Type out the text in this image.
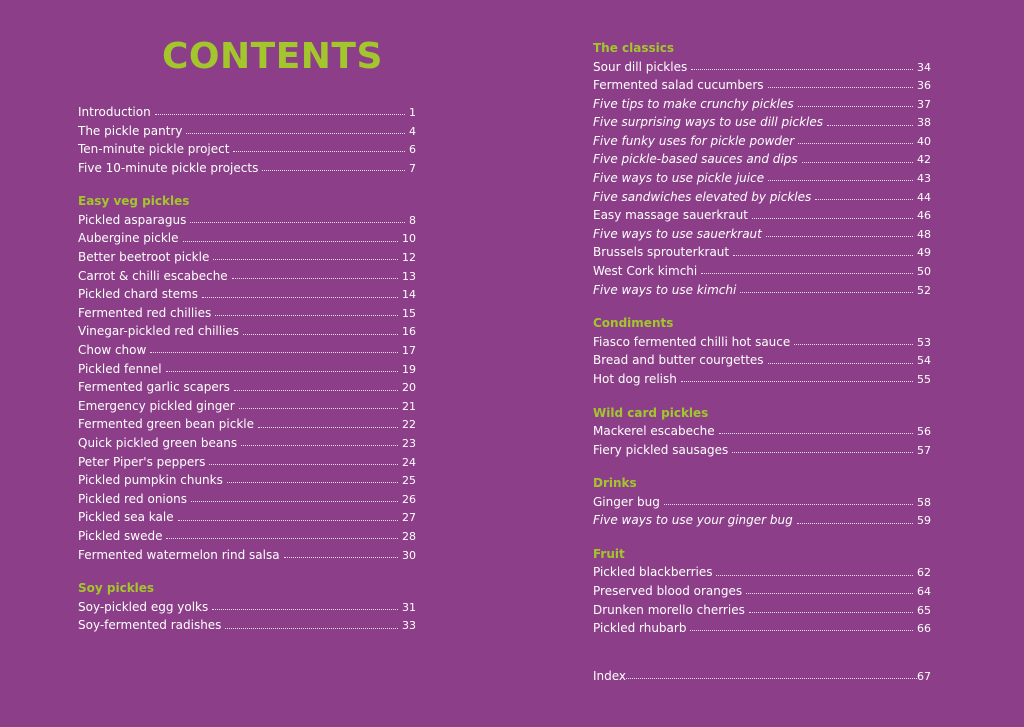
CONTENTS
Introduction	1
The pickle pantry	4
Ten-minute pickle project	6
Five 10-minute pickle projects	7
Easy veg pickles
Pickled asparagus	8
Aubergine pickle	10
Better beetroot pickle	12
Carrot & chilli escabeche	13
Pickled chard stems	14
Fermented red chillies	15
Vinegar-pickled red chillies	16
Chow chow	17
Pickled fennel	19
Fermented garlic scapers	20
Emergency pickled ginger	21
Fermented green bean pickle	22
Quick pickled green beans	23
Peter Piper's peppers	24
Pickled pumpkin chunks	25
Pickled red onions	26
Pickled sea kale	27
Pickled swede	28
Fermented watermelon rind salsa	30
Soy pickles
Soy-pickled egg yolks	31
Soy-fermented radishes	33
The classics
Sour dill pickles	34
Fermented salad cucumbers	36
Five tips to make crunchy pickles	37
Five surprising ways to use dill pickles	38
Five funky uses for pickle powder	40
Five pickle-based sauces and dips	42
Five ways to use pickle juice	43
Five sandwiches elevated by pickles	44
Easy massage sauerkraut	46
Five ways to use sauerkraut	48
Brussels sprouterkraut	49
West Cork kimchi	50
Five ways to use kimchi	52
Condiments
Fiasco fermented chilli hot sauce	53
Bread and butter courgettes	54
Hot dog relish	55
Wild card pickles
Mackerel escabeche	56
Fiery pickled sausages	57
Drinks
Ginger bug	58
Five ways to use your ginger bug	59
Fruit
Pickled blackberries	62
Preserved blood oranges	64
Drunken morello cherries	65
Pickled rhubarb	66
Index	67
